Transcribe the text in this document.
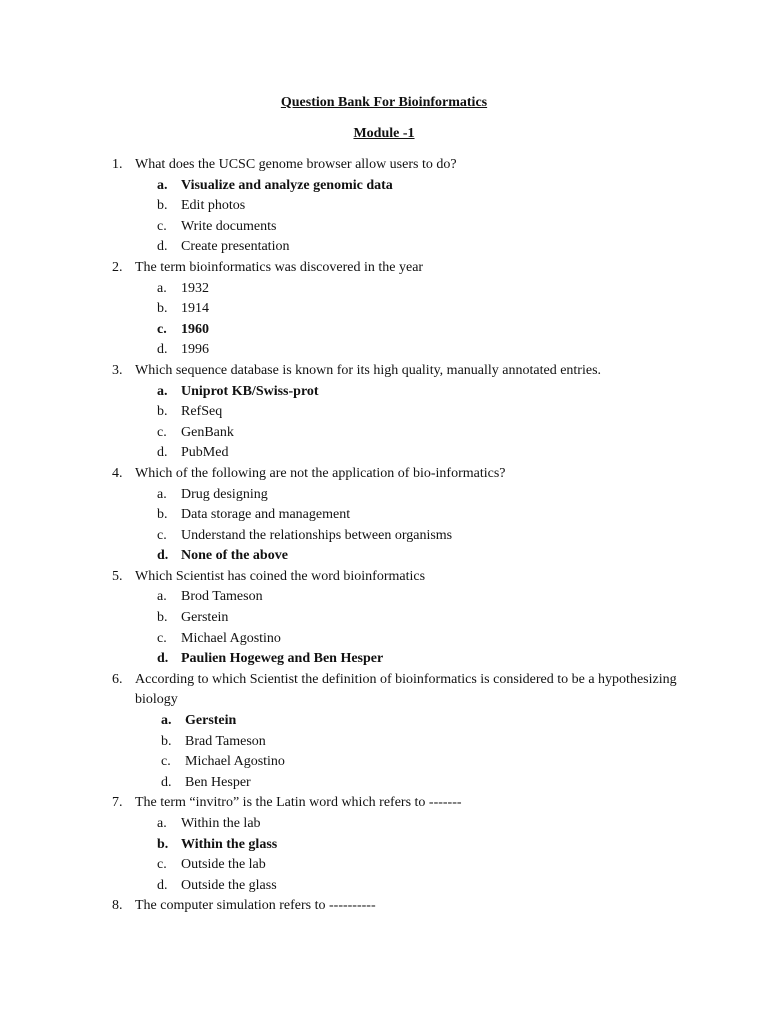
Question Bank For Bioinformatics
Module -1
1. What does the UCSC genome browser allow users to do?
a. Visualize and analyze genomic data
b. Edit photos
c. Write documents
d. Create presentation
2. The term bioinformatics was discovered in the year
a. 1932
b. 1914
c. 1960
d. 1996
3. Which sequence database is known for its high quality, manually annotated entries.
a. Uniprot KB/Swiss-prot
b. RefSeq
c. GenBank
d. PubMed
4. Which of the following are not the application of bio-informatics?
a. Drug designing
b. Data storage and management
c. Understand the relationships between organisms
d. None of the above
5. Which Scientist has coined the word bioinformatics
a. Brod Tameson
b. Gerstein
c. Michael Agostino
d. Paulien Hogeweg and Ben Hesper
6. According to which Scientist the definition of bioinformatics is considered to be a hypothesizing biology
a. Gerstein
b. Brad Tameson
c. Michael Agostino
d. Ben Hesper
7. The term “invitro” is the Latin word which refers to -------
a. Within the lab
b. Within the glass
c. Outside the lab
d. Outside the glass
8. The computer simulation refers to ----------
